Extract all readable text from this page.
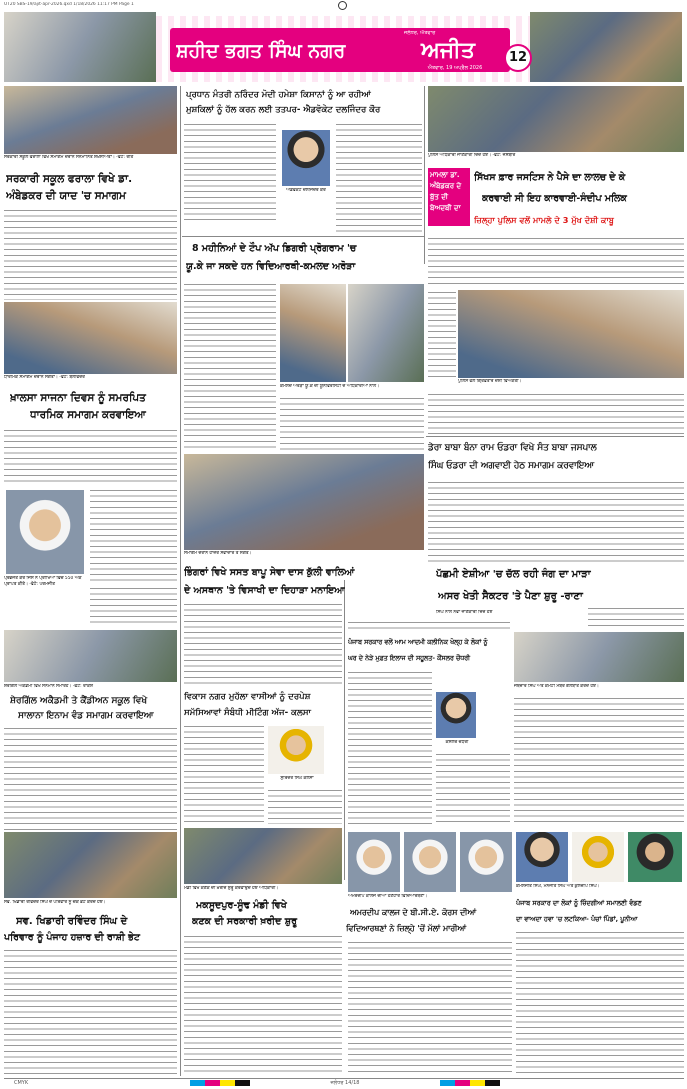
UT20 SBS-19/ajit-apr-2026.qxd 1/18/2026 11:17 PM Page 1
ਸ਼ਹੀਦ ਭਗਤ ਸਿੰਘ ਨਗਰ
ਜਲੰਧਰ, ਐਤਵਾਰ
ਅਜੀਤ
ਐਤਵਾਰ, 19 ਅਪ੍ਰੈਲ 2026
12
ਸਰਕਾਰੀ ਸਕੂਲ ਫਰਾਲਾ ਵਿਖੇ ਸਮਾਗਮ ਦੌਰਾਨ ਸਨਮਾਨਿਤ ਸ਼ਖ਼ਸੀਅਤਾਂ। -ਫੋਟੋ: ਰੀਤ
ਸਰਕਾਰੀ ਸਕੂਲ ਫਰਾਲਾ ਵਿਖੇ ਡਾ.
ਅੰਬੇਡਕਰ ਦੀ ਯਾਦ 'ਚ ਸਮਾਗਮ
ਧਾਰਮਿਕ ਸਮਾਗਮ ਦੌਰਾਨ ਸੰਗਤਾਂ। -ਫੋਟੋ: ਬਲਵਿੰਦਰ
ਖ਼ਾਲਸਾ ਸਾਜਨਾ ਦਿਵਸ ਨੂੰ ਸਮਰਪਿਤ
ਧਾਰਮਿਕ ਸਮਾਗਮ ਕਰਵਾਇਆ
ਪ੍ਰਭਜੋਤ ਕੌਰ ਜਿਸ ਨੇ ਪ੍ਰੀਖਿਆ ਵਿਚੋਂ 550 ਅੰਕ ਪ੍ਰਾਪਤ ਕੀਤੇ। -ਫੋਟੋ: ਪਰਮਜੀਤ
ਸ਼ੇਰਗਿੱਲ ਅਕੈਡਮੀ ਵਿਖੇ ਸਨਮਾਨ ਸਮਾਰੋਹ। -ਫੋਟੋ: ਰਾਕੇਸ਼
ਸ਼ੇਰਗਿੱਲ ਅਕੈਡਮੀ ਤੇ ਕੈਂਡੀਅਨ ਸਕੂਲ ਵਿਖੇ
ਸਾਲਾਨਾ ਇਨਾਮ ਵੰਡ ਸਮਾਗਮ ਕਰਵਾਇਆ
ਸਵ. ਖਿਡਾਰੀ ਰਵਿੰਦਰ ਸਿੰਘ ਦੇ ਪਰਿਵਾਰ ਨੂੰ ਚੈੱਕ ਭੇਟ ਕਰਦੇ ਹੋਏ।
ਸਵ. ਖਿਡਾਰੀ ਰਵਿੰਦਰ ਸਿੰਘ ਦੇ
ਪਰਿਵਾਰ ਨੂੰ ਪੰਜਾਹ ਹਜ਼ਾਰ ਦੀ ਰਾਸ਼ੀ ਭੇਟ
ਪ੍ਰਧਾਨ ਮੰਤਰੀ ਨਰਿੰਦਰ ਮੋਦੀ ਹਮੇਸ਼ਾ ਕਿਸਾਨਾਂ ਨੂੰ ਆ ਰਹੀਆਂ
ਮੁਸ਼ਕਿਲਾਂ ਨੂੰ ਹੱਲ ਕਰਨ ਲਈ ਤਤਪਰ- ਐਡਵੋਕੇਟ ਦਲਜਿੰਦਰ ਕੌਰ
ਐਡਵੋਕੇਟ ਦਲਜਿੰਦਰ ਕੌਰ
8 ਮਹੀਨਿਆਂ ਦੇ ਟੌਪ ਅੱਪ ਡਿਗਰੀ ਪ੍ਰੋਗਰਾਮ 'ਚ
ਯੂ.ਕੇ ਜਾ ਸਕਦੇ ਹਨ ਵਿਦਿਆਰਥੀ-ਕਮਲਦ ਅਰੋੜਾ
ਕਮਲਦ ਅਰੋੜਾ ਯੂ.ਕੇ ਦੀ ਯੂਨੀਵਰਸਿਟੀ ਦੇ ਅਧਿਕਾਰੀਆਂ ਨਾਲ।
ਸਮਾਗਮ ਦੌਰਾਨ ਹਾਜ਼ਰ ਸੇਵਾਦਾਰ ਤੇ ਸੰਗਤ।
ਭਿੰਗਰਾਂ ਵਿਖੇ ਸਸਤ ਬਾਪੂ ਸੇਵਾ ਦਾਸ ਕੁੱਲੀ ਵਾਲਿਆਂ
ਦੇ ਅਸਥਾਨ 'ਤੇ ਵਿਸਾਖੀ ਦਾ ਦਿਹਾੜਾ ਮਨਾਇਆ
ਵਿਕਾਸ ਨਗਰ ਮੁਹੱਲਾ ਵਾਸੀਆਂ ਨੂੰ ਦਰਪੇਸ਼
ਸਮੱਸਿਆਵਾਂ ਸੰਬੰਧੀ ਮੀਟਿੰਗ ਅੱਜ- ਕਲਸਾ
ਸੁਰਿੰਦਰ ਸਿੰਘ ਕਲਸਾ
ਮੰਡੀ ਵਿਖੇ ਕਣਕ ਦੀ ਖ਼ਰੀਦ ਸ਼ੁਰੂ ਕਰਵਾਉਂਦੇ ਹੋਏ ਅਧਿਕਾਰੀ।
ਮਕਸੂਦਪੁਰ-ਸੂੰਢ ਮੰਡੀ ਵਿਖੇ
ਕਣਕ ਦੀ ਸਰਕਾਰੀ ਖ਼ਰੀਦ ਸ਼ੁਰੂ
ਪੁਲਿਸ ਅਧਿਕਾਰੀ ਜਾਣਕਾਰੀ ਦਿੰਦੇ ਹੋਏ। -ਫੋਟੋ: ਜਸਬੀਰ
ਮਾਮਲਾ ਡਾ. ਅੰਬੇਡਕਰ ਦੇ ਬੁੱਤ ਦੀ ਬੇਅਦਬੀ ਦਾ
ਸਿੱਖਸ ਫ਼ਾਰ ਜਸਟਿਸ ਨੇ ਪੈਸੇ ਦਾ ਲਾਲਚ ਦੇ ਕੇ
ਕਰਵਾਈ ਸੀ ਇਹ ਕਾਰਵਾਈ-ਸੰਦੀਪ ਮਲਿਕ
ਜ਼ਿਲ੍ਹਾ ਪੁਲਿਸ ਵਲੋਂ ਮਾਮਲੇ ਦੇ 3 ਮੁੱਖ ਦੋਸ਼ੀ ਕਾਬੂ
ਪੁਲਿਸ ਵਲੋਂ ਗ੍ਰਿਫ਼ਤਾਰ ਦੋਸ਼ੀ ਵਿਅਕਤੀ।
ਡੇਰਾ ਬਾਬਾ ਬੰਨਾ ਰਾਮ ਓਡਰਾ ਵਿਖੇ ਸੰਤ ਬਾਬਾ ਜਸਪਾਲ
ਸਿੰਘ ਓਡਰਾ ਦੀ ਅਗਵਾਈ ਹੇਠ ਸਮਾਗਮ ਕਰਵਾਇਆ
ਪੱਛਮੀ ਏਸ਼ੀਆ 'ਚ ਚੱਲ ਰਹੀ ਜੰਗ ਦਾ ਮਾੜਾ
ਅਸਰ ਖੇਤੀ ਸੈਕਟਰ 'ਤੇ ਪੈਣਾ ਸ਼ੁਰੂ -ਰਾਣਾ
ਸਿੰਘ ਨਾਲ ਨਵਾਂ ਜਾਣਕਾਰੀ ਦਿੰਦੇ ਹੋਏ
ਪੰਜਾਬ ਸਰਕਾਰ ਵਲੋਂ ਆਮ ਆਦਮੀ ਕਲੀਨਿਕ ਖੋਲ੍ਹ ਕੇ ਲੋਕਾਂ ਨੂੰ
ਘਰ ਦੇ ਨੇੜੇ ਮੁਫ਼ਤ ਇਲਾਜ ਦੀ ਸਹੂਲਤ- ਕੌਂਸਲਰ ਚੌਧਰੀ
ਕੌਂਸਲਰ ਚੌਧਰੀ
ਜਥੇਦਾਰ ਸਿੰਘ ਅਤੇ ਕਮੇਟੀ ਮੈਂਬਰ ਗੱਲਬਾਤ ਕਰਦੇ ਹੋਏ।
ਅਮਰਦੀਪ ਕਾਲਜ ਦੀਆਂ ਹੋਣਹਾਰ ਵਿਦਿਆਰਥਣਾਂ।
ਅਮਰਦੀਪ ਕਾਲਜ ਦੇ ਬੀ.ਸੀ.ਏ. ਕੋਰਸ ਦੀਆਂ
ਵਿਦਿਆਰਥਣਾਂ ਨੇ ਜ਼ਿਲ੍ਹੇ 'ਚੋਂ ਮੱਲਾਂ ਮਾਰੀਆਂ
ਕਮਲਜੀਤ ਸਿੰਘ, ਮਨਜੀਤ ਸਿੰਘ ਅਤੇ ਕੁਲਦੀਪ ਸਿੰਘ।
ਪੰਜਾਬ ਸਰਕਾਰ ਦਾ ਲੋਕਾਂ ਨੂੰ ਜ਼ਿੰਦਗੀਆਂ ਸਮਾਲਣੀ ਵੰਡਣ
ਦਾ ਵਾਅਦਾ ਹਵਾ 'ਚ ਲਟਕਿਆ- ਪੰਚਾਂ ਪਿੰਡਾਂ, ਪੂਨੀਆ
CMYK	ਜਲੰਧਰ 14/18
